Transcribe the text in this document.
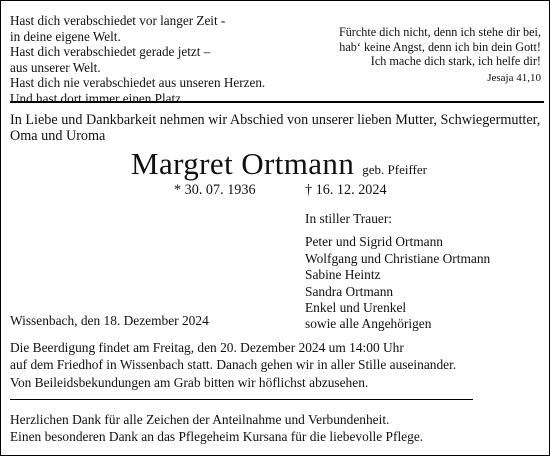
Hast dich verabschiedet vor langer Zeit -
in deine eigene Welt.
Hast dich verabschiedet gerade jetzt –
aus unserer Welt.
Hast dich nie verabschiedet aus unseren Herzen.
Und hast dort immer einen Platz.
Fürchte dich nicht, denn ich stehe dir bei,
hab‘ keine Angst, denn ich bin dein Gott!
Ich mache dich stark, ich helfe dir!
Jesaja 41,10
In Liebe und Dankbarkeit nehmen wir Abschied von unserer lieben Mutter, Schwiegermutter,
Oma und Uroma
Margret Ortmann geb. Pfeiffer
* 30. 07. 1936	† 16. 12. 2024
In stiller Trauer:
Peter und Sigrid Ortmann
Wolfgang und Christiane Ortmann
Sabine Heintz
Sandra Ortmann
Enkel und Urenkel
sowie alle Angehörigen
Wissenbach, den 18. Dezember 2024
Die Beerdigung findet am Freitag, den 20. Dezember 2024 um 14:00 Uhr
auf dem Friedhof in Wissenbach statt. Danach gehen wir in aller Stille auseinander.
Von Beileidsbekundungen am Grab bitten wir höflichst abzusehen.
Herzlichen Dank für alle Zeichen der Anteilnahme und Verbundenheit.
Einen besonderen Dank an das Pflegeheim Kursana für die liebevolle Pflege.
